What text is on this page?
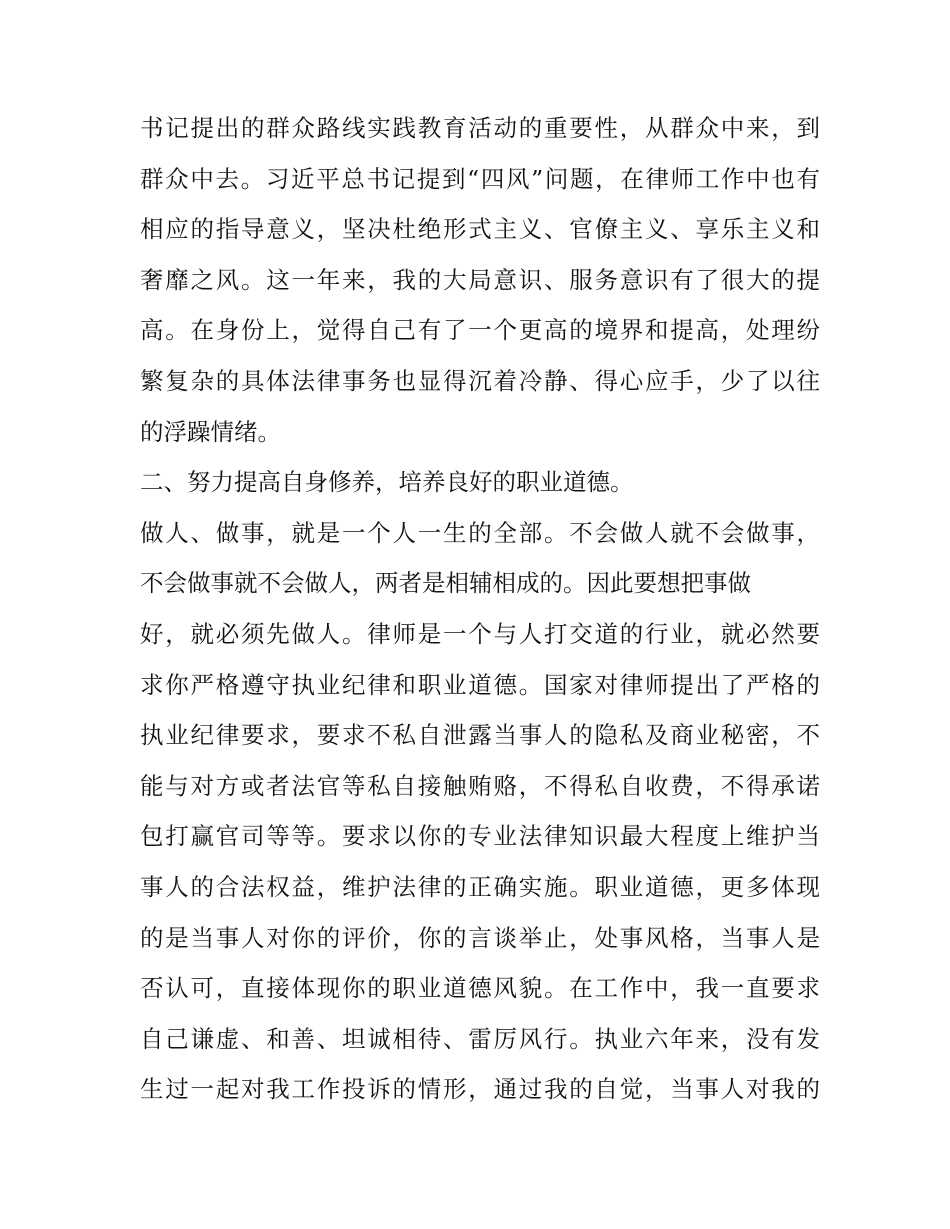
书记提出的群众路线实践教育活动的重要性，从群众中来，到
群众中去。习近平总书记提到“四风”问题，在律师工作中也有
相应的指导意义，坚决杜绝形式主义、官僚主义、享乐主义和
奢靡之风。这一年来，我的大局意识、服务意识有了很大的提
高。在身份上，觉得自己有了一个更高的境界和提高，处理纷
繁复杂的具体法律事务也显得沉着冷静、得心应手，少了以往
的浮躁情绪。
二、努力提高自身修养，培养良好的职业道德。
做人、做事，就是一个人一生的全部。不会做人就不会做事，
不会做事就不会做人，两者是相辅相成的。因此要想把事做
好，就必须先做人。律师是一个与人打交道的行业，就必然要
求你严格遵守执业纪律和职业道德。国家对律师提出了严格的
执业纪律要求，要求不私自泄露当事人的隐私及商业秘密，不
能与对方或者法官等私自接触贿赂，不得私自收费，不得承诺
包打赢官司等等。要求以你的专业法律知识最大程度上维护当
事人的合法权益，维护法律的正确实施。职业道德，更多体现
的是当事人对你的评价，你的言谈举止，处事风格，当事人是
否认可，直接体现你的职业道德风貌。在工作中，我一直要求
自己谦虚、和善、坦诚相待、雷厉风行。执业六年来，没有发
生过一起对我工作投诉的情形，通过我的自觉，当事人对我的
